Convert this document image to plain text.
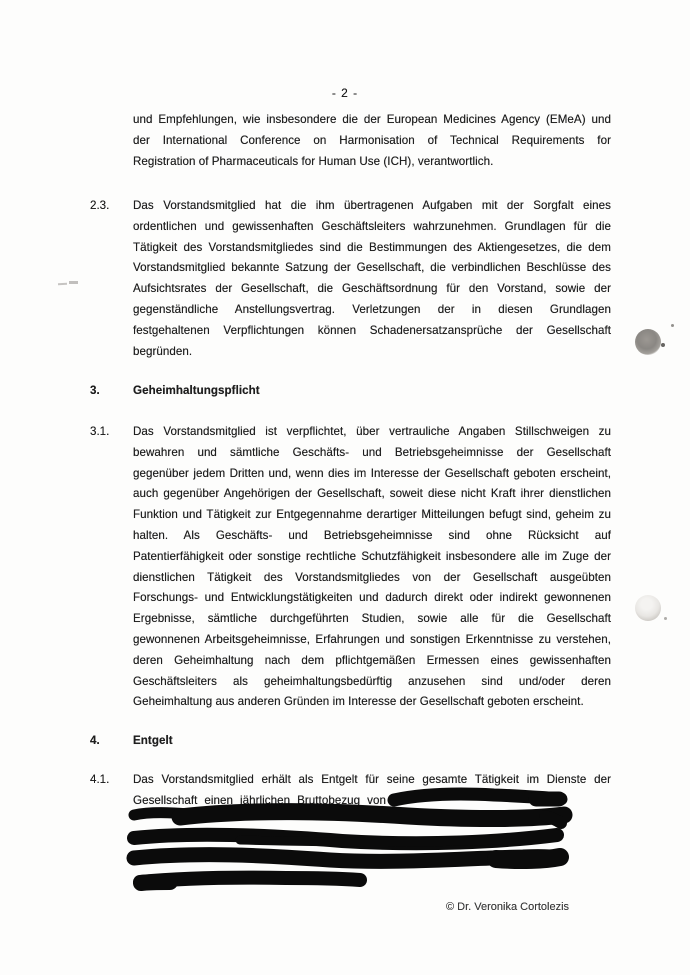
- 2 -
und Empfehlungen, wie insbesondere die der European Medicines Agency (EMeA) und
der International Conference on Harmonisation of Technical Requirements for
Registration of Pharmaceuticals for Human Use (ICH), verantwortlich.
2.3.	Das Vorstandsmitglied hat die ihm übertragenen Aufgaben mit der Sorgfalt eines
ordentlichen und gewissenhaften Geschäftsleiters wahrzunehmen. Grundlagen für die
Tätigkeit des Vorstandsmitgliedes sind die Bestimmungen des Aktiengesetzes, die dem
Vorstandsmitglied bekannte Satzung der Gesellschaft, die verbindlichen Beschlüsse des
Aufsichtsrates der Gesellschaft, die Geschäftsordnung für den Vorstand, sowie der
gegenständliche Anstellungsvertrag. Verletzungen der in diesen Grundlagen
festgehaltenen Verpflichtungen können Schadenersatzansprüche der Gesellschaft
begründen.
3.	Geheimhaltungspflicht
3.1.	Das Vorstandsmitglied ist verpflichtet, über vertrauliche Angaben Stillschweigen zu
bewahren und sämtliche Geschäfts- und Betriebsgeheimnisse der Gesellschaft
gegenüber jedem Dritten und, wenn dies im Interesse der Gesellschaft geboten erscheint,
auch gegenüber Angehörigen der Gesellschaft, soweit diese nicht Kraft ihrer dienstlichen
Funktion und Tätigkeit zur Entgegennahme derartiger Mitteilungen befugt sind, geheim zu
halten. Als Geschäfts- und Betriebsgeheimnisse sind ohne Rücksicht auf
Patentierfähigkeit oder sonstige rechtliche Schutzfähigkeit insbesondere alle im Zuge der
dienstlichen Tätigkeit des Vorstandsmitgliedes von der Gesellschaft ausgeübten
Forschungs- und Entwicklungstätigkeiten und dadurch direkt oder indirekt gewonnenen
Ergebnisse, sämtliche durchgeführten Studien, sowie alle für die Gesellschaft
gewonnenen Arbeitsgeheimnisse, Erfahrungen und sonstigen Erkenntnisse zu verstehen,
deren Geheimhaltung nach dem pflichtgemäßen Ermessen eines gewissenhaften
Geschäftsleiters als geheimhaltungsbedürftig anzusehen sind und/oder deren
Geheimhaltung aus anderen Gründen im Interesse der Gesellschaft geboten erscheint.
4.	Entgelt
4.1.	Das Vorstandsmitglied erhält als Entgelt für seine gesamte Tätigkeit im Dienste der
Gesellschaft einen jährlichen Bruttobezug von
© Dr. Veronika Cortolezis
